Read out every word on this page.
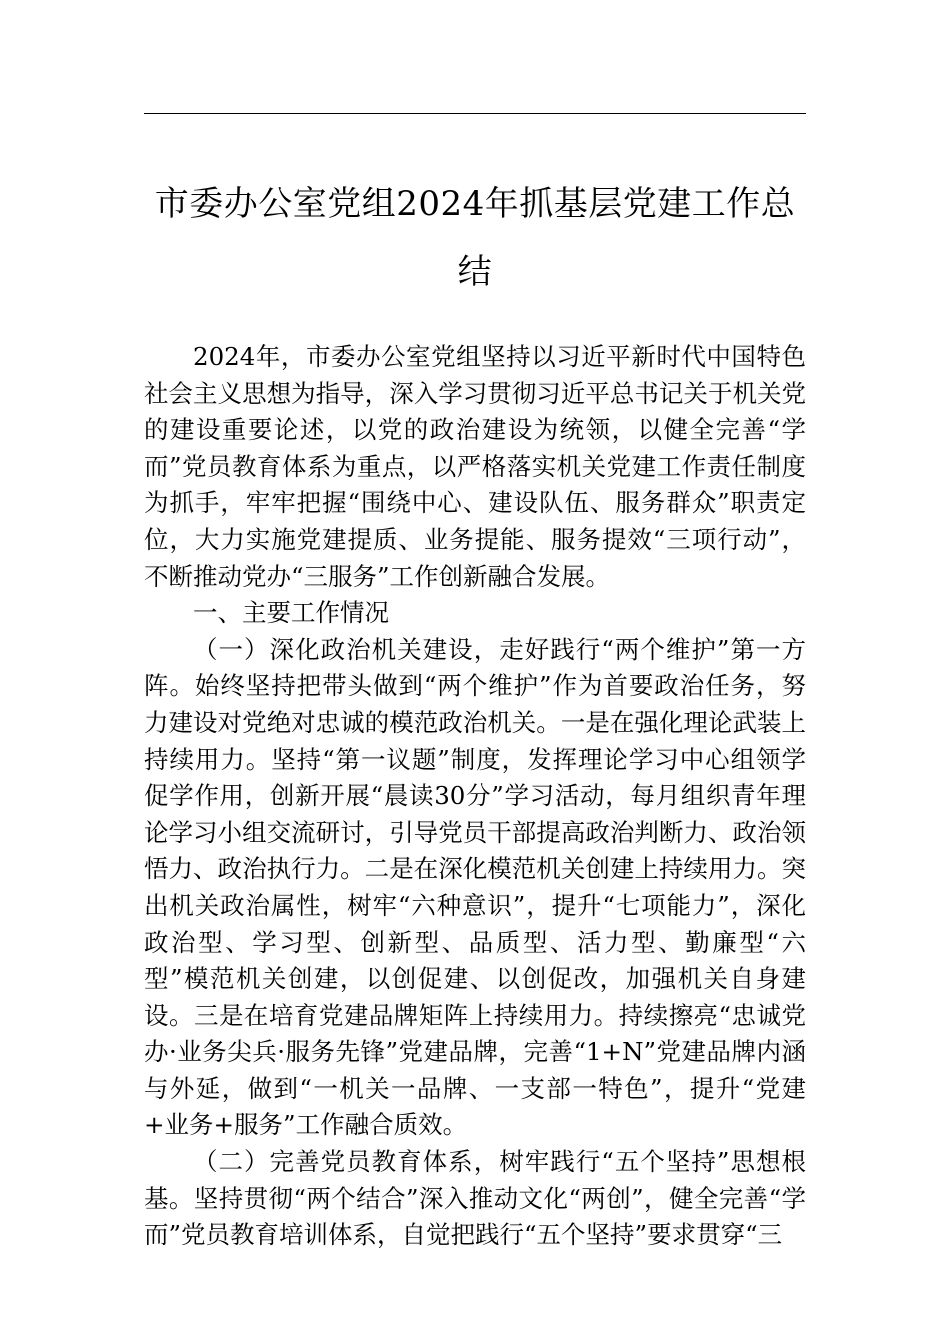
市委办公室党组2024年抓基层党建工作总结

2024年，市委办公室党组坚持以习近平新时代中国特色社会主义思想为指导，深入学习贯彻习近平总书记关于机关党的建设重要论述，以党的政治建设为统领，以健全完善“学而”党员教育体系为重点，以严格落实机关党建工作责任制度为抓手，牢牢把握“围绕中心、建设队伍、服务群众”职责定位，大力实施党建提质、业务提能、服务提效“三项行动”，不断推动党办“三服务”工作创新融合发展。

一、主要工作情况

（一）深化政治机关建设，走好践行“两个维护”第一方阵。始终坚持把带头做到“两个维护”作为首要政治任务，努力建设对党绝对忠诚的模范政治机关。一是在强化理论武装上持续用力。坚持“第一议题”制度，发挥理论学习中心组领学促学作用，创新开展“晨读30分”学习活动，每月组织青年理论学习小组交流研讨，引导党员干部提高政治判断力、政治领悟力、政治执行力。二是在深化模范机关创建上持续用力。突出机关政治属性，树牢“六种意识”，提升“七项能力”，深化政治型、学习型、创新型、品质型、活力型、勤廉型“六型”模范机关创建，以创促建、以创促改，加强机关自身建设。三是在培育党建品牌矩阵上持续用力。持续擦亮“忠诚党办·业务尖兵·服务先锋”党建品牌，完善“1+N”党建品牌内涵与外延，做到“一机关一品牌、一支部一特色”，提升“党建+业务+服务”工作融合质效。

（二）完善党员教育体系，树牢践行“五个坚持”思想根基。坚持贯彻“两个结合”深入推动文化“两创”，健全完善“学而”党员教育培训体系，自觉把践行“五个坚持”要求贯穿“三
